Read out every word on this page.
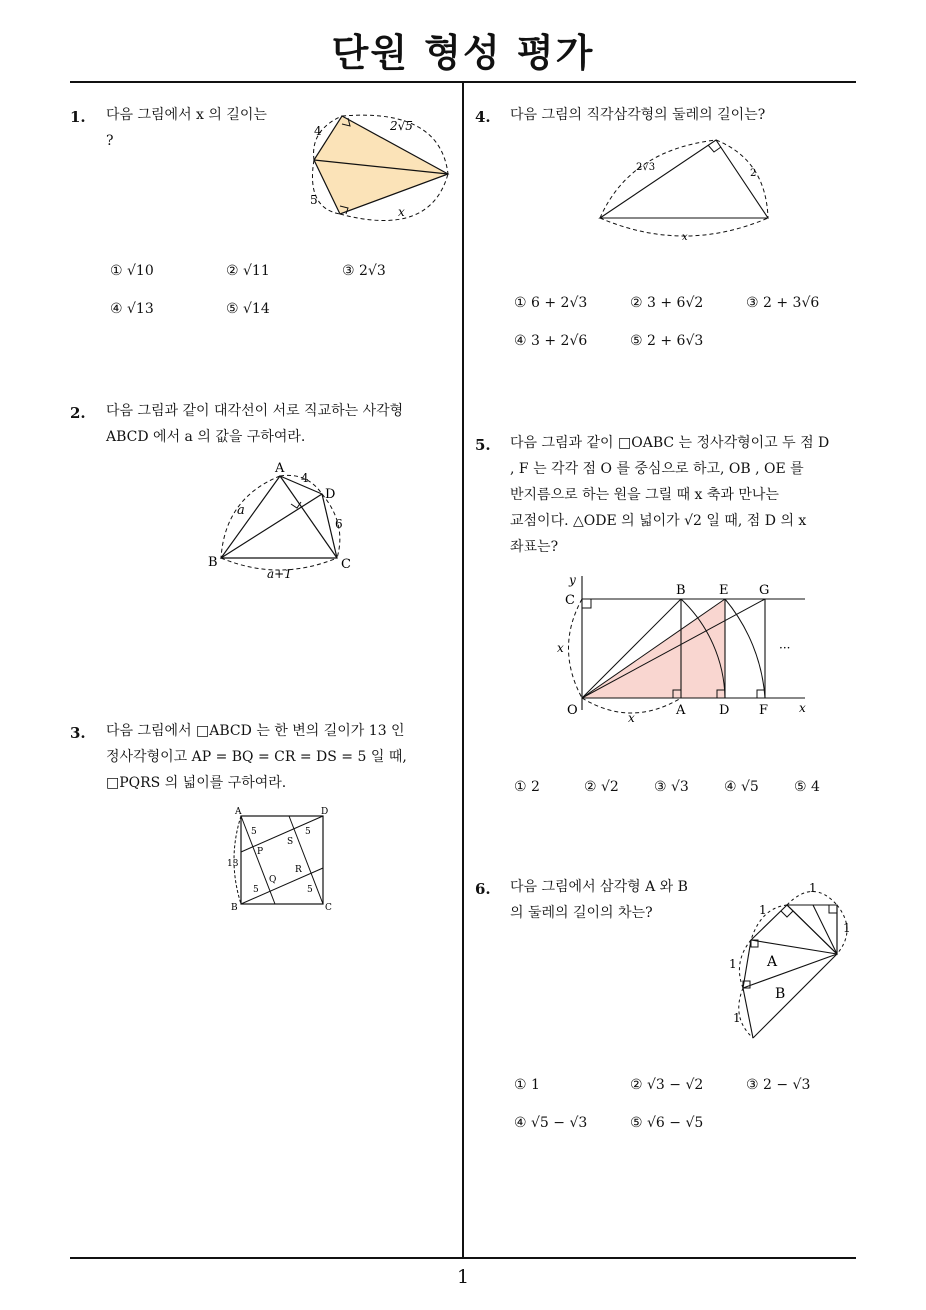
단원 형성 평가
1
1. 다음 그림에서 x 의 길이는
?
4	2√5
5
x
① √10	② √11	③ 2√3
④ √13	⑤ √14
2. 다음 그림과 같이 대각선이 서로 직교하는 사각형
ABCD 에서 a 의 값을 구하여라.
A
4
D
a
6
B
a+1
C
3. 다음 그림에서 □ABCD 는 한 변의 길이가 13 인
정사각형이고 AP = BQ = CR = DS = 5 일 때,
□PQRS 의 넓이를 구하여라.
A	D
5
S
5
P
13
Q
R
5	5
B	C
4. 다음 그림의 직각삼각형의 둘레의 길이는?
2√3
2
x
① 6 + 2√3	② 3 + 6√2	③ 2 + 3√6
④ 3 + 2√6	⑤ 2 + 6√3
5. 다음 그림과 같이 □OABC 는 정사각형이고 두 점 D
, F 는 각각 점 O 를 중심으로 하고, OB , OE 를
반지름으로 하는 원을 그릴 때 x 축과 만나는
교점이다. △ODE 의 넓이가 √2 일 때, 점 D 의 x
좌표는?
y
B	E G
C
x	···
O	A	D F	x
x
① 2	② √2	③ √3	④ √5	⑤ 4
6. 다음 그림에서 삼각형 A 와 B
의 둘레의 길이의 차는?
1
1
1
1 A
B
1
① 1	② √3 − √2	③ 2 − √3
④ √5 − √3	⑤ √6 − √5
